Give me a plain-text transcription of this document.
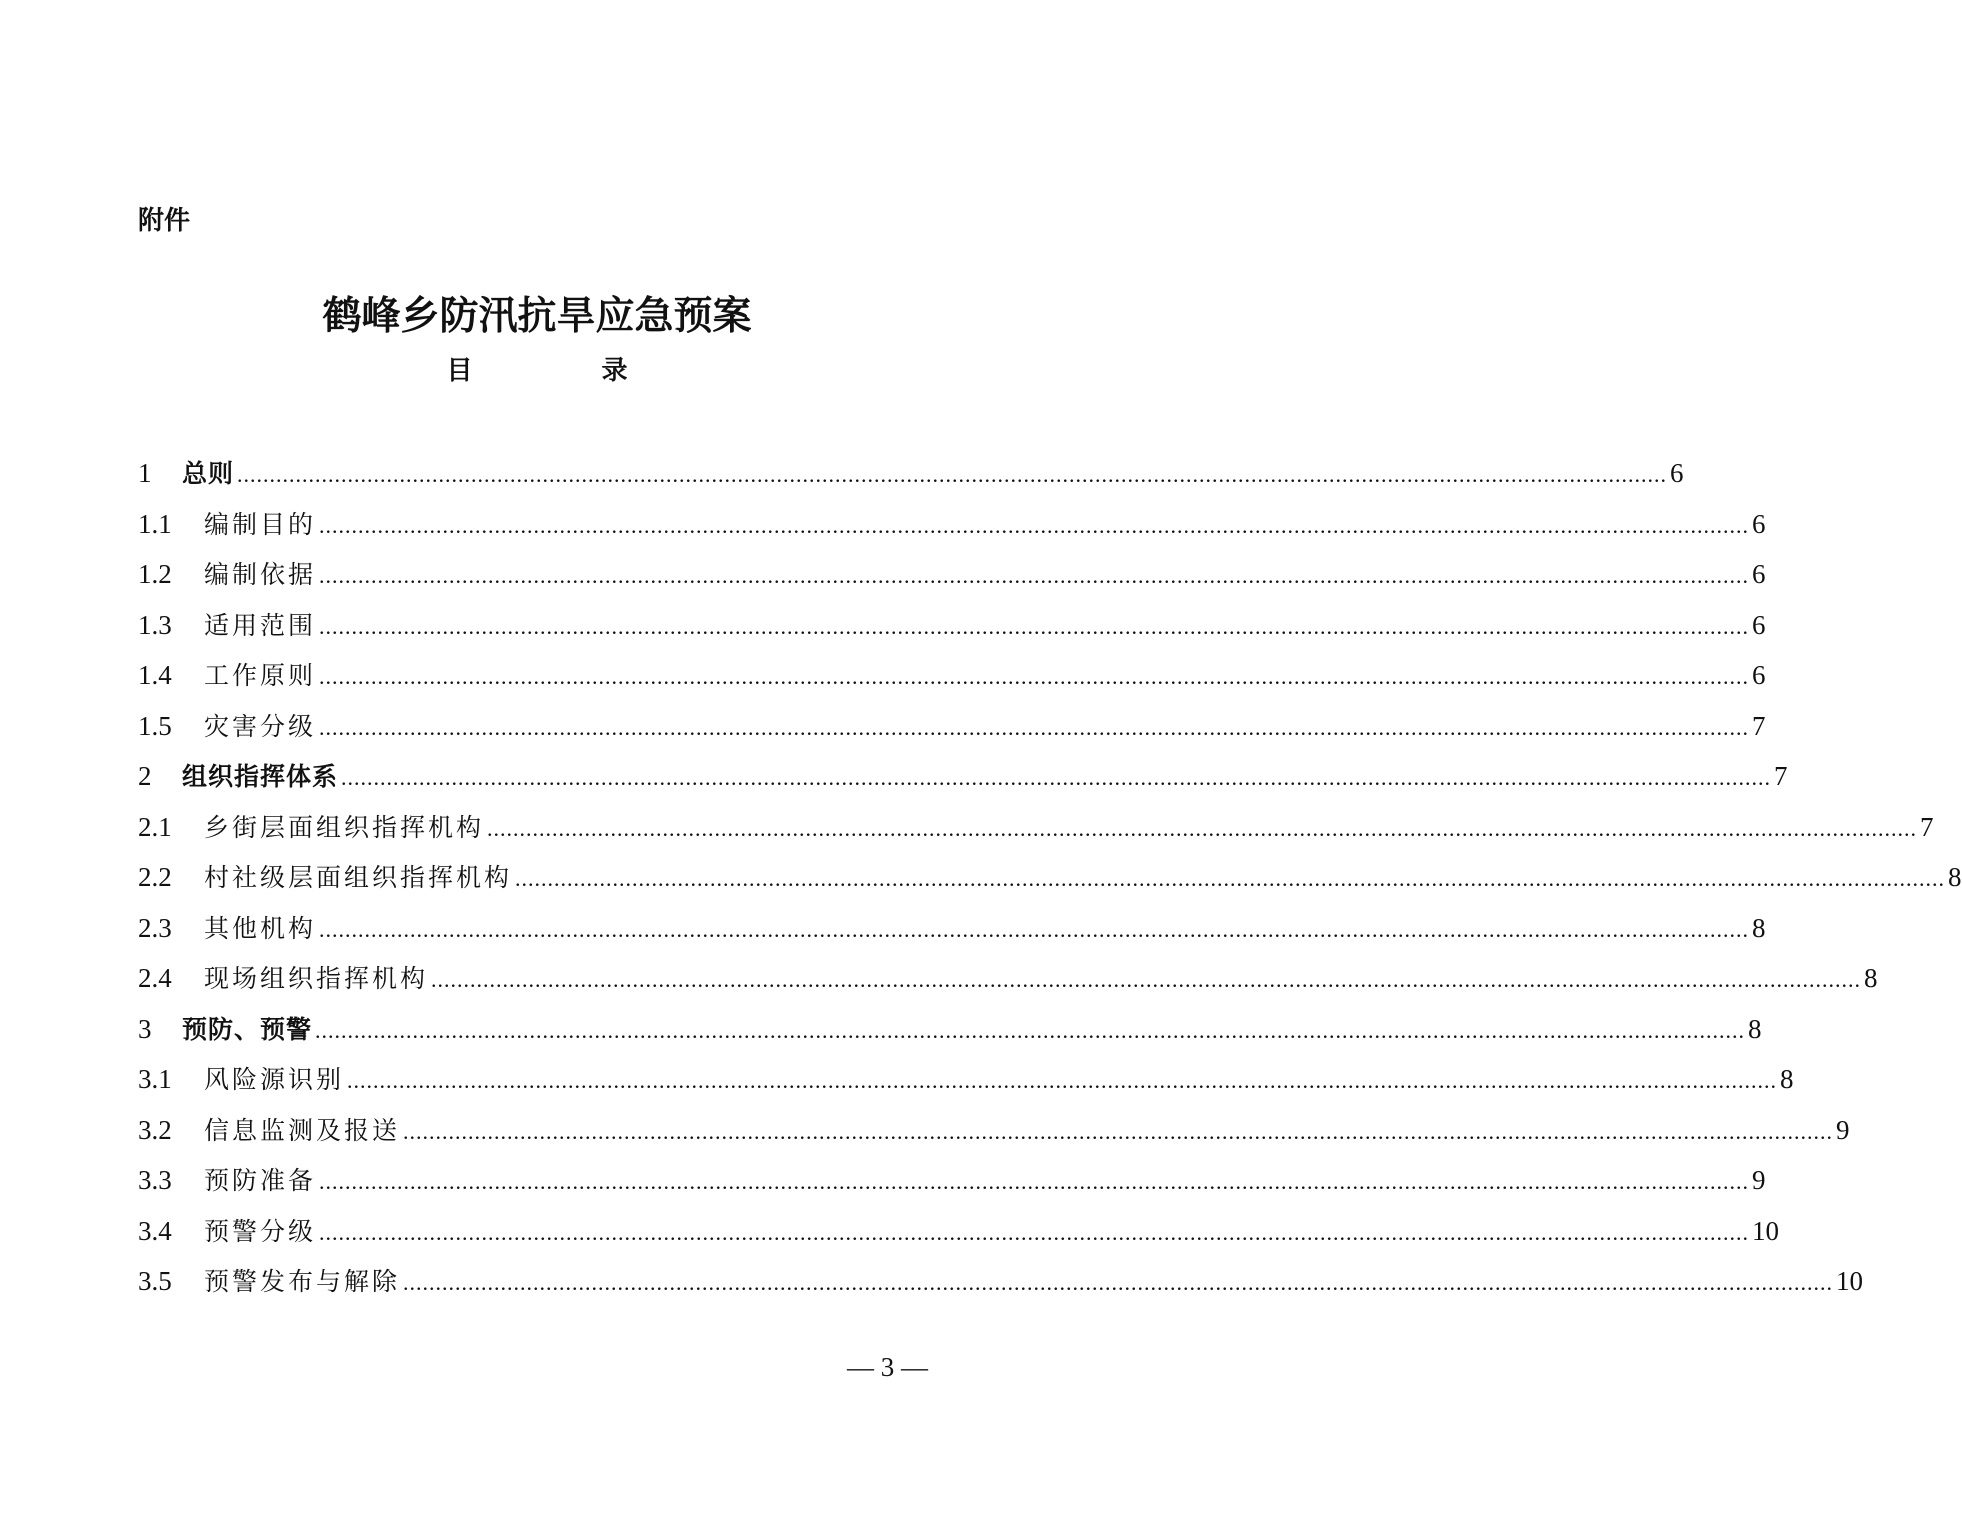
附件

鹤峰乡防汛抗旱应急预案
目 录
1	总则 ............................................................................................................................................................................................................................ 6
1.1	编制目的 ............................................................................................................................................................................................................................ 6
1.2	编制依据 ............................................................................................................................................................................................................................ 6
1.3	适用范围 ............................................................................................................................................................................................................................ 6
1.4	工作原则 ............................................................................................................................................................................................................................ 6
1.5	灾害分级 ............................................................................................................................................................................................................................ 7
2	组织指挥体系 ............................................................................................................................................................................................................................ 7
2.1	乡街层面组织指挥机构 ............................................................................................................................................................................................................................ 7
2.2	村社级层面组织指挥机构 ............................................................................................................................................................................................................................ 8
2.3	其他机构 ............................................................................................................................................................................................................................ 8
2.4	现场组织指挥机构 ............................................................................................................................................................................................................................ 8
3	预防、预警 ............................................................................................................................................................................................................................ 8
3.1	风险源识别 ............................................................................................................................................................................................................................ 8
3.2	信息监测及报送 ............................................................................................................................................................................................................................ 9
3.3	预防准备 ............................................................................................................................................................................................................................ 9
3.4	预警分级 ............................................................................................................................................................................................................................ 10
3.5	预警发布与解除 ............................................................................................................................................................................................................................ 10

— 3 —
